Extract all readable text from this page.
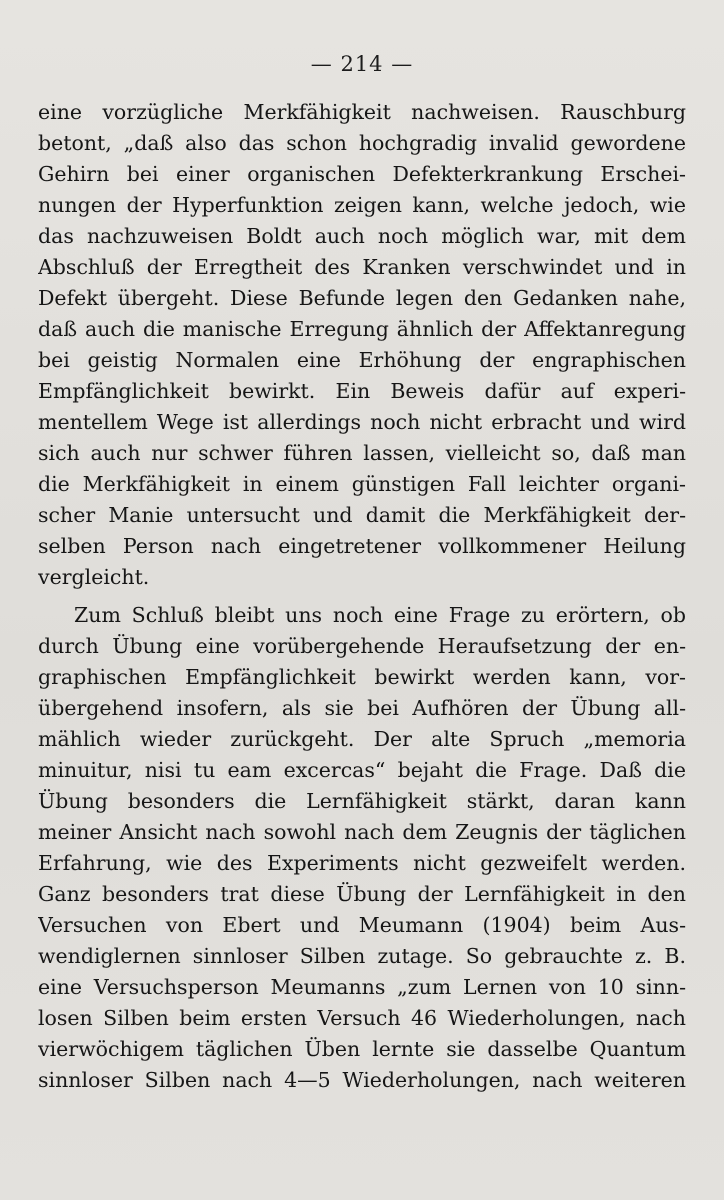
— 214 —
eine vorzügliche Merkfähigkeit nachweisen. Rauschburg
betont, „daß also das schon hochgradig invalid gewordene
Gehirn bei einer organischen Defekterkrankung Erschei-
nungen der Hyperfunktion zeigen kann, welche jedoch, wie
das nachzuweisen Boldt auch noch möglich war, mit dem
Abschluß der Erregtheit des Kranken verschwindet und in
Defekt übergeht. Diese Befunde legen den Gedanken nahe,
daß auch die manische Erregung ähnlich der Affektanregung
bei geistig Normalen eine Erhöhung der engraphischen
Empfänglichkeit bewirkt. Ein Beweis dafür auf experi-
mentellem Wege ist allerdings noch nicht erbracht und wird
sich auch nur schwer führen lassen, vielleicht so, daß man
die Merkfähigkeit in einem günstigen Fall leichter organi-
scher Manie untersucht und damit die Merkfähigkeit der-
selben Person nach eingetretener vollkommener Heilung
vergleicht.
Zum Schluß bleibt uns noch eine Frage zu erörtern, ob
durch Übung eine vorübergehende Heraufsetzung der en-
graphischen Empfänglichkeit bewirkt werden kann, vor-
übergehend insofern, als sie bei Aufhören der Übung all-
mählich wieder zurückgeht. Der alte Spruch „memoria
minuitur, nisi tu eam excercas“ bejaht die Frage. Daß die
Übung besonders die Lernfähigkeit stärkt, daran kann
meiner Ansicht nach sowohl nach dem Zeugnis der täglichen
Erfahrung, wie des Experiments nicht gezweifelt werden.
Ganz besonders trat diese Übung der Lernfähigkeit in den
Versuchen von Ebert und Meumann (1904) beim Aus-
wendiglernen sinnloser Silben zutage. So gebrauchte z. B.
eine Versuchsperson Meumanns „zum Lernen von 10 sinn-
losen Silben beim ersten Versuch 46 Wiederholungen, nach
vierwöchigem täglichen Üben lernte sie dasselbe Quantum
sinnloser Silben nach 4—5 Wiederholungen, nach weiteren
